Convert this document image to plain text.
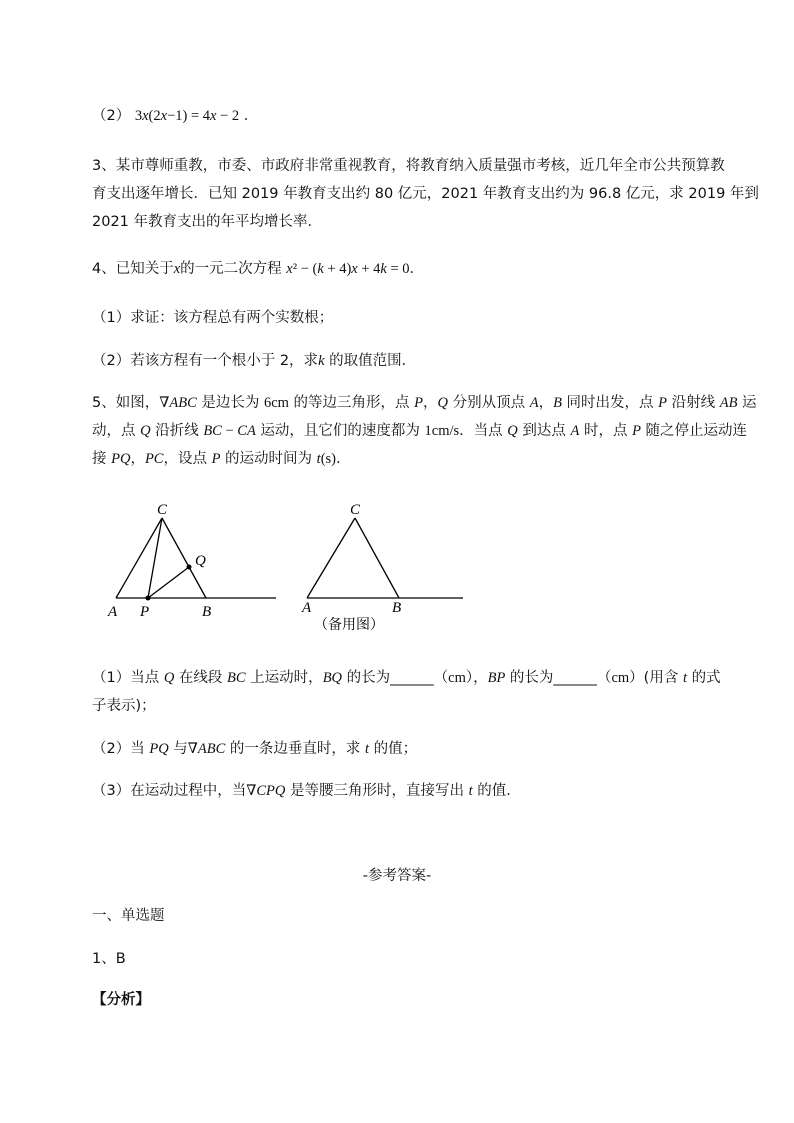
（2） 3x(2x−1) = 4x − 2 ．
3、某市尊师重教，市委、市政府非常重视教育，将教育纳入质量强市考核，近几年全市公共预算教
育支出逐年增长．已知 2019 年教育支出约 80 亿元，2021 年教育支出约为 96.8 亿元，求 2019 年到
2021 年教育支出的年平均增长率．
4、已知关于x的一元二次方程 x² − (k + 4)x + 4k = 0．
（1）求证：该方程总有两个实数根；
（2）若该方程有一个根小于 2，求k 的取值范围．
5、如图，∇ABC 是边长为 6cm 的等边三角形，点 P，Q 分别从顶点 A，B 同时出发，点 P 沿射线 AB 运
动，点 Q 沿折线 BC − CA 运动，且它们的速度都为 1cm/s．当点 Q 到达点 A 时，点 P 随之停止运动连
接 PQ，PC，设点 P 的运动时间为 t(s)．
A P	B
C
Q
A	B
C
（备用图）
（1）当点 Q 在线段 BC 上运动时，BQ 的长为______（cm），BP 的长为______（cm）(用含 t 的式
子表示)；
（2）当 PQ 与∇ABC 的一条边垂直时，求 t 的值；
（3）在运动过程中，当∇CPQ 是等腰三角形时，直接写出 t 的值．
-参考答案-
一、单选题
1、B
【分析】
